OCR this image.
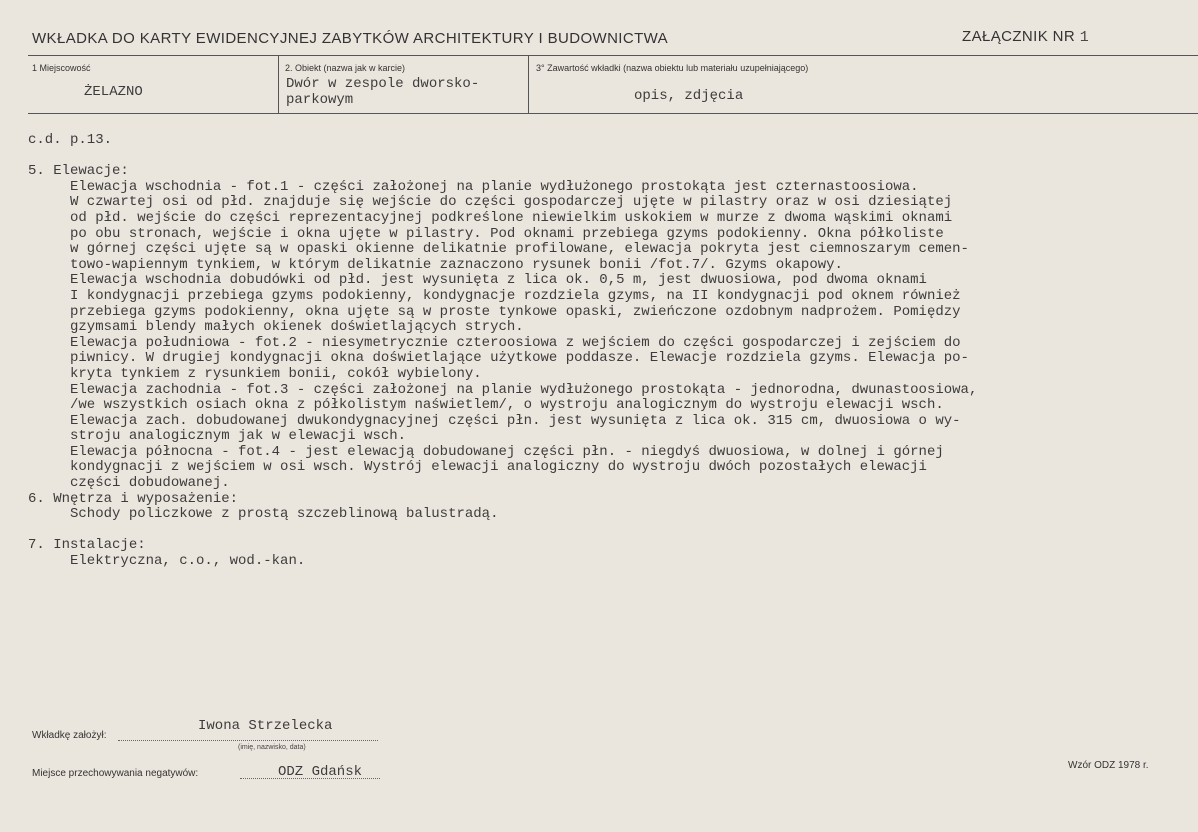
WKŁADKA DO KARTY EWIDENCYJNEJ ZABYTKÓW ARCHITEKTURY I BUDOWNICTWA	ZAŁĄCZNIK NR 1
1 Miejscowość
ŻELAZNO
2. Obiekt (nazwa jak w karcie)
Dwór w zespole dworsko-
parkowym
3° Zawartość wkładki (nazwa obiektu lub materiału uzupełniającego)
opis, zdjęcia
c.d. p.13.

5. Elewacje:
Elewacja wschodnia - fot.1 - części założonej na planie wydłużonego prostokąta jest czternastoosiowa.
W czwartej osi od płd. znajduje się wejście do części gospodarczej ujęte w pilastry oraz w osi dziesiątej
od płd. wejście do części reprezentacyjnej podkreślone niewielkim uskokiem w murze z dwoma wąskimi oknami
po obu stronach, wejście i okna ujęte w pilastry. Pod oknami przebiega gzyms podokienny. Okna półkoliste
w górnej części ujęte są w opaski okienne delikatnie profilowane, elewacja pokryta jest ciemnoszarym cemen-
towo-wapiennym tynkiem, w którym delikatnie zaznaczono rysunek bonii /fot.7/. Gzyms okapowy.
Elewacja wschodnia dobudówki od płd. jest wysunięta z lica ok. 0,5 m, jest dwuosiowa, pod dwoma oknami
I kondygnacji przebiega gzyms podokienny, kondygnacje rozdziela gzyms, na II kondygnacji pod oknem również
przebiega gzyms podokienny, okna ujęte są w proste tynkowe opaski, zwieńczone ozdobnym nadprożem. Pomiędzy
gzymsami blendy małych okienek doświetlających strych.
Elewacja południowa - fot.2 - niesymetrycznie czteroosiowa z wejściem do części gospodarczej i zejściem do
piwnicy. W drugiej kondygnacji okna doświetlające użytkowe poddasze. Elewacje rozdziela gzyms. Elewacja po-
kryta tynkiem z rysunkiem bonii, cokół wybielony.
Elewacja zachodnia - fot.3 - części założonej na planie wydłużonego prostokąta - jednorodna, dwunastoosiowa,
/we wszystkich osiach okna z półkolistym naświetlem/, o wystroju analogicznym do wystroju elewacji wsch.
Elewacja zach. dobudowanej dwukondygnacyjnej części płn. jest wysunięta z lica ok. 315 cm, dwuosiowa o wy-
stroju analogicznym jak w elewacji wsch.
Elewacja północna - fot.4 - jest elewacją dobudowanej części płn. - niegdyś dwuosiowa, w dolnej i górnej
kondygnacji z wejściem w osi wsch. Wystrój elewacji analogiczny do wystroju dwóch pozostałych elewacji
części dobudowanej.
6. Wnętrza i wyposażenie:
Schody policzkowe z prostą szczeblinową balustradą.

7. Instalacje:
Elektryczna, c.o., wod.-kan.
Wkładkę założył:
Iwona Strzelecka
(imię, nazwisko, data)
Miejsce przechowywania negatywów:	ODZ Gdańsk	Wzór ODZ 1978 r.
